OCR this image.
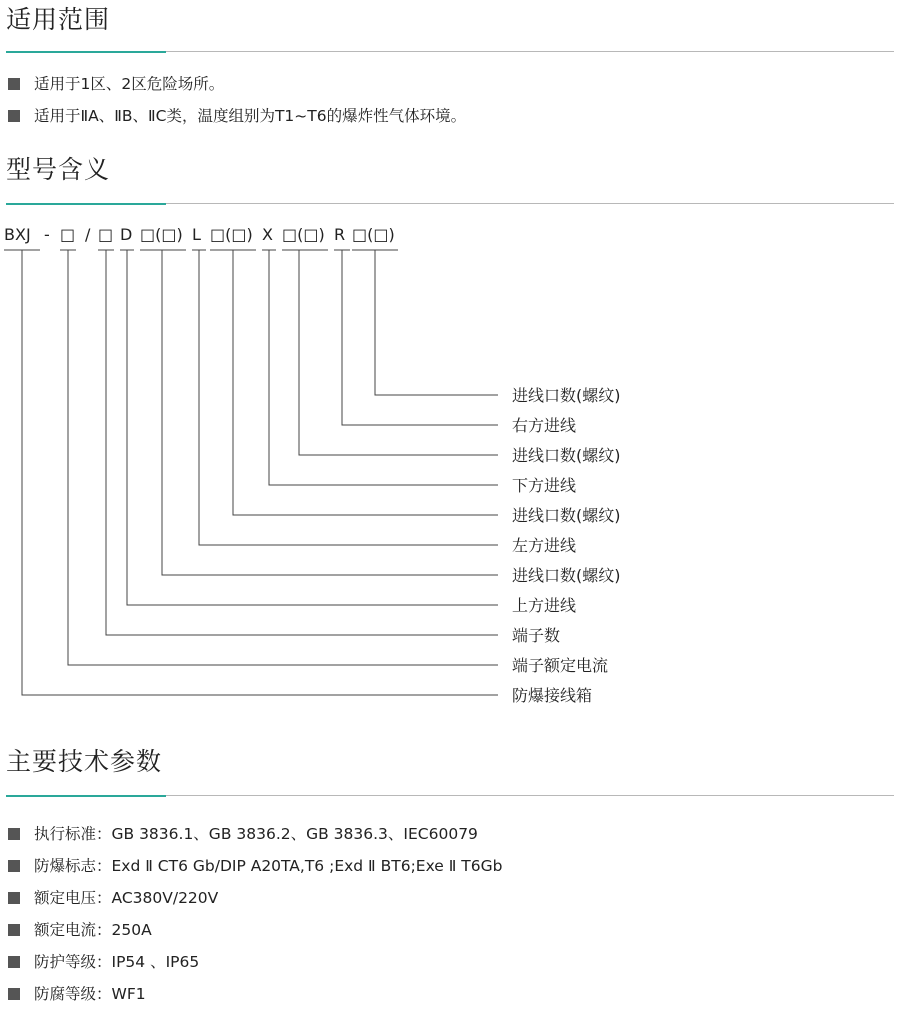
适用范围
适用于1区、2区危险场所。
适用于ⅡA、ⅡB、ⅡC类，温度组别为T1~T6的爆炸性气体环境。
型号含义
BXJ - □ / □ D □(□) L □(□) X □(□) R □(□)
进线口数(螺纹)
右方进线
进线口数(螺纹)
下方进线
进线口数(螺纹)
左方进线
进线口数(螺纹)
上方进线
端子数
端子额定电流
防爆接线箱
主要技术参数
执行标准：GB 3836.1、GB 3836.2、GB 3836.3、IEC60079
防爆标志：Exd Ⅱ CT6 Gb/DIP A20TA,T6 ;Exd Ⅱ BT6;Exe Ⅱ T6Gb
额定电压：AC380V/220V
额定电流：250A
防护等级：IP54 、IP65
防腐等级：WF1
